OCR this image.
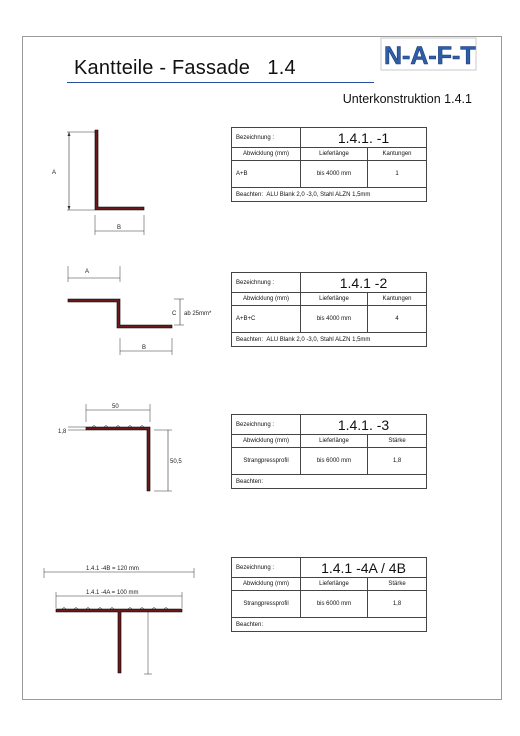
Kantteile - Fassade   1.4	N-A-F-T
Unterkonstruktion 1.4.1
A
B
Bezeichnung :	1.4.1. -1	
Abwicklung (mm)	Lieferlänge	Kantungen
A+B	bis 4000 mm	1
Beachten: ALU Blank 2,0 -3,0, Stahl ALZN 1,5mm		
A
C ab 25mm*
B
Bezeichnung :	1.4.1 -2	
Abwicklung (mm)	Lieferlänge	Kantungen
A+B+C	bis 4000 mm	4
Beachten: ALU Blank 2,0 -3,0, Stahl ALZN 1,5mm		
50
1,8
50,5
Bezeichnung :	1.4.1. -3	
Abwicklung (mm)	Lieferlänge	Stärke
Strangpressprofil	bis 6000 mm	1,8
Beachten:		
1.4.1 -4B = 120 mm
1.4.1 -4A = 100 mm
Bezeichnung :	1.4.1 -4A / 4B	
Abwicklung (mm)	Lieferlänge	Stärke
Strangpressprofil	bis 6000 mm	1,8
Beachten:		
